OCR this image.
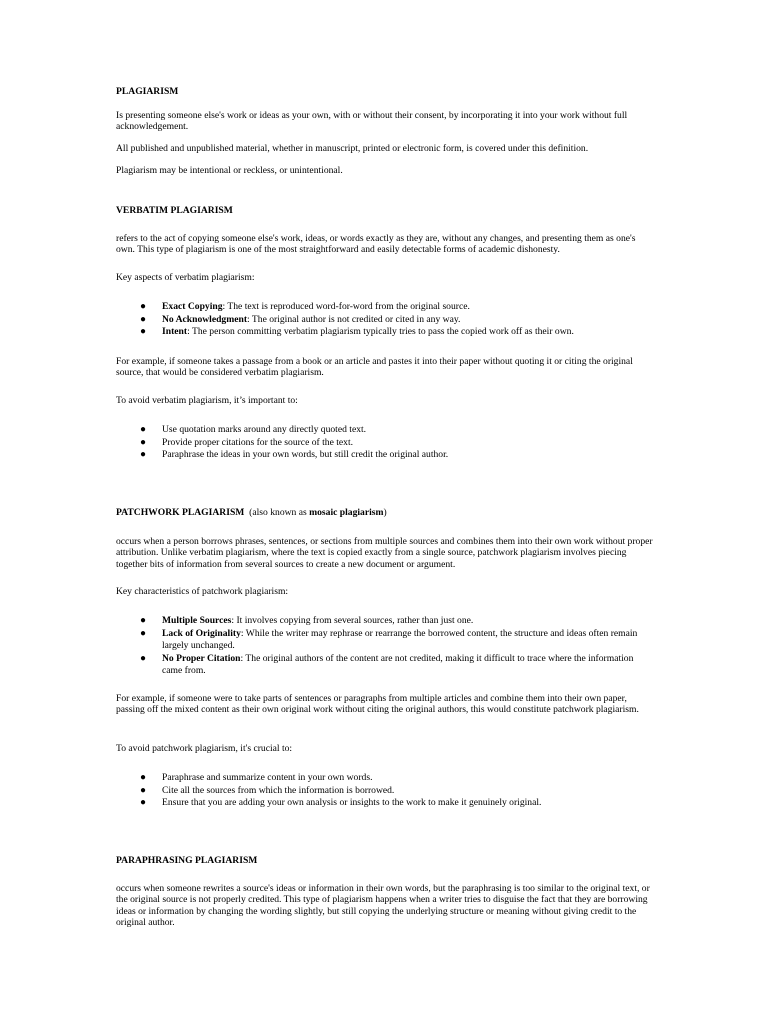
PLAGIARISM

Is presenting someone else's work or ideas as your own, with or without their consent, by incorporating it into your work without full acknowledgement.

All published and unpublished material, whether in manuscript, printed or electronic form, is covered under this definition.

Plagiarism may be intentional or reckless, or unintentional.

VERBATIM PLAGIARISM

refers to the act of copying someone else's work, ideas, or words exactly as they are, without any changes, and presenting them as one's own. This type of plagiarism is one of the most straightforward and easily detectable forms of academic dishonesty.

Key aspects of verbatim plagiarism:

● Exact Copying: The text is reproduced word-for-word from the original source.
● No Acknowledgment: The original author is not credited or cited in any way.
● Intent: The person committing verbatim plagiarism typically tries to pass the copied work off as their own.

For example, if someone takes a passage from a book or an article and pastes it into their paper without quoting it or citing the original source, that would be considered verbatim plagiarism.

To avoid verbatim plagiarism, it’s important to:

● Use quotation marks around any directly quoted text.
● Provide proper citations for the source of the text.
● Paraphrase the ideas in your own words, but still credit the original author.
PATCHWORK PLAGIARISM (also known as mosaic plagiarism)

occurs when a person borrows phrases, sentences, or sections from multiple sources and combines them into their own work without proper attribution. Unlike verbatim plagiarism, where the text is copied exactly from a single source, patchwork plagiarism involves piecing together bits of information from several sources to create a new document or argument.

Key characteristics of patchwork plagiarism:

● Multiple Sources: It involves copying from several sources, rather than just one.
● Lack of Originality: While the writer may rephrase or rearrange the borrowed content, the structure and ideas often remain largely unchanged.
● No Proper Citation: The original authors of the content are not credited, making it difficult to trace where the information came from.

For example, if someone were to take parts of sentences or paragraphs from multiple articles and combine them into their own paper, passing off the mixed content as their own original work without citing the original authors, this would constitute patchwork plagiarism.

To avoid patchwork plagiarism, it's crucial to:

● Paraphrase and summarize content in your own words.
● Cite all the sources from which the information is borrowed.
● Ensure that you are adding your own analysis or insights to the work to make it genuinely original.
PARAPHRASING PLAGIARISM

occurs when someone rewrites a source's ideas or information in their own words, but the paraphrasing is too similar to the original text, or the original source is not properly credited. This type of plagiarism happens when a writer tries to disguise the fact that they are borrowing ideas or information by changing the wording slightly, but still copying the underlying structure or meaning without giving credit to the original author.
